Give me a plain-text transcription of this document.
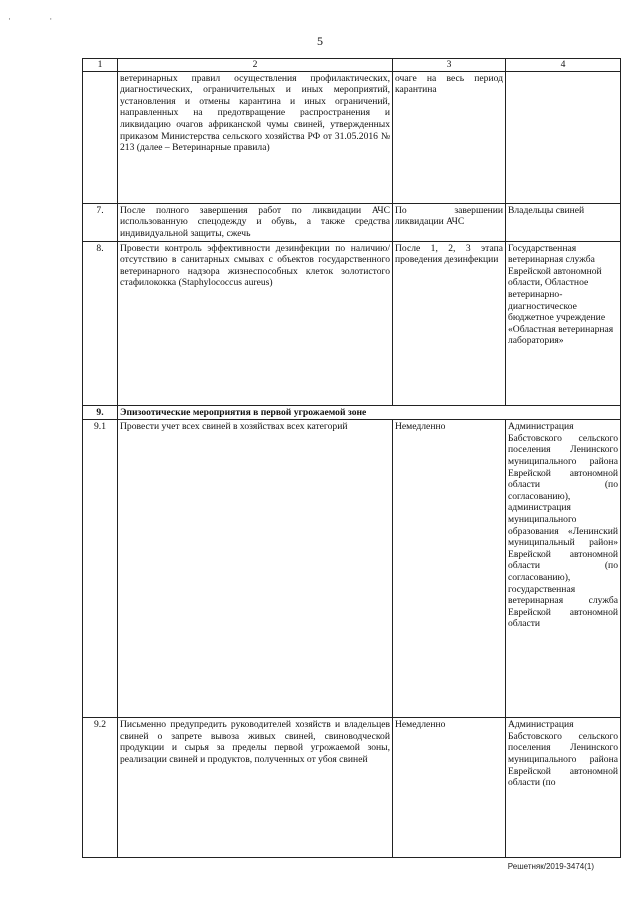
· ·
5
1	2	3	4
	ветеринарных правил осуществления профилактических, диагностических, ограничительных и иных мероприятий, установления и отмены карантина и иных ограничений, направленных на предотвращение распространения и ликвидацию очагов африканской чумы свиней, утвержденных приказом Министерства сельского хозяйства РФ от 31.05.2016 № 213 (далее – Ветеринарные правила)	очаге на весь период карантина	
7.	После полного завершения работ по ликвидации АЧС использованную спецодежду и обувь, а также средства индивидуальной защиты, сжечь	По завершении ликвидации АЧС	Владельцы свиней
8.	Провести контроль эффективности дезинфекции по наличию/отсутствию в санитарных смывах с объектов государственного ветеринарного надзора жизнеспособных клеток золотистого стафилококка (Staphylococcus aureus)	После 1, 2, 3 этапа проведения дезинфекции	Государственная ветеринарная служба Еврейской автономной области, Областное ветеринарно-диагностическое бюджетное учреждение «Областная ветеринарная лаборатория»
9.	Эпизоотические мероприятия в первой угрожаемой зоне		
9.1	Провести учет всех свиней в хозяйствах всех категорий	Немедленно	Администрация Бабстовского сельского поселения Ленинского муниципального района Еврейской автономной области (по согласованию), администрация муниципального образования «Ленинский муниципальный район» Еврейской автономной области (по согласованию), государственная ветеринарная служба Еврейской автономной области
9.2	Письменно предупредить руководителей хозяйств и владельцев свиней о запрете вывоза живых свиней, свиноводческой продукции и сырья за пределы первой угрожаемой зоны, реализации свиней и продуктов, полученных от убоя свиней	Немедленно	Администрация Бабстовского сельского поселения Ленинского муниципального района Еврейской автономной области (по
Решетняк/2019-3474(1)
